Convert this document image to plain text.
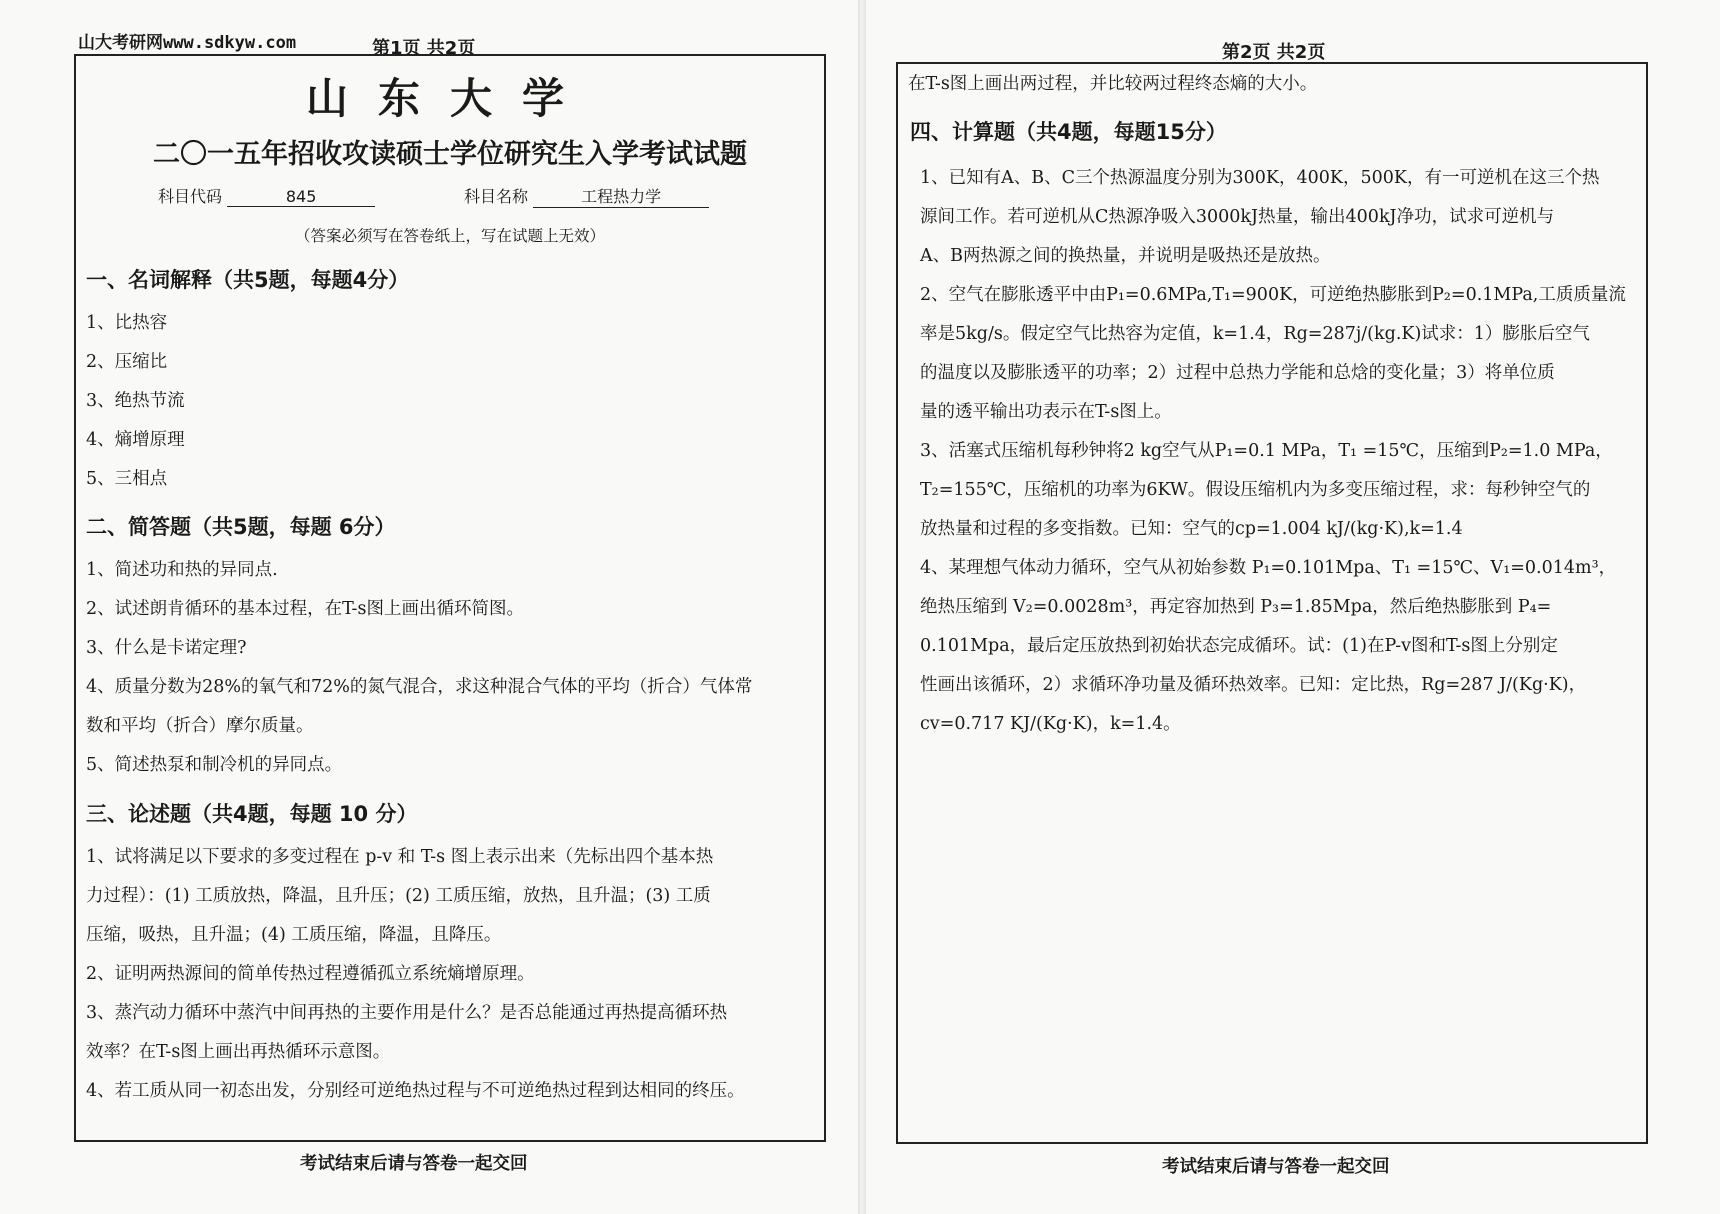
山大考研网www.sdkyw.com	第1页 共2页
山东大学
二〇一五年招收攻读硕士学位研究生入学考试试题
科目代码	845	科目名称	工程热力学
（答案必须写在答卷纸上，写在试题上无效）
一、名词解释（共5题，每题4分）
1、比热容
2、压缩比
3、绝热节流
4、熵增原理
5、三相点
二、简答题（共5题，每题 6分）
1、简述功和热的异同点.
2、试述朗肯循环的基本过程，在T-s图上画出循环简图。
3、什么是卡诺定理?
4、质量分数为28%的氧气和72%的氮气混合，求这种混合气体的平均（折合）气体常
数和平均（折合）摩尔质量。
5、简述热泵和制冷机的异同点。
三、论述题（共4题，每题 10 分）
1、试将满足以下要求的多变过程在 p-v 和 T-s 图上表示出来（先标出四个基本热
力过程）：(1) 工质放热，降温，且升压；(2) 工质压缩，放热，且升温；(3) 工质
压缩，吸热，且升温；(4) 工质压缩，降温，且降压。
2、证明两热源间的简单传热过程遵循孤立系统熵增原理。
3、蒸汽动力循环中蒸汽中间再热的主要作用是什么？是否总能通过再热提高循环热
效率？在T-s图上画出再热循环示意图。
4、若工质从同一初态出发，分别经可逆绝热过程与不可逆绝热过程到达相同的终压。
考试结束后请与答卷一起交回
第2页 共2页
在T-s图上画出两过程，并比较两过程终态熵的大小。
四、计算题（共4题，每题15分）
1、已知有A、B、C三个热源温度分别为300K，400K，500K，有一可逆机在这三个热
源间工作。若可逆机从C热源净吸入3000kJ热量，输出400kJ净功，试求可逆机与
A、B两热源之间的换热量，并说明是吸热还是放热。
2、空气在膨胀透平中由P₁=0.6MPa,T₁=900K，可逆绝热膨胀到P₂=0.1MPa,工质质量流
率是5kg/s。假定空气比热容为定值，k=1.4，Rg=287j/(kg.K)试求：1）膨胀后空气
的温度以及膨胀透平的功率；2）过程中总热力学能和总焓的变化量；3）将单位质
量的透平输出功表示在T-s图上。
3、活塞式压缩机每秒钟将2 kg空气从P₁=0.1 MPa，T₁ =15℃，压缩到P₂=1.0 MPa，
T₂=155℃，压缩机的功率为6KW。假设压缩机内为多变压缩过程，求：每秒钟空气的
放热量和过程的多变指数。已知：空气的cp=1.004 kJ/(kg·K),k=1.4
4、某理想气体动力循环，空气从初始参数 P₁=0.101Mpa、T₁ =15℃、V₁=0.014m³，
绝热压缩到 V₂=0.0028m³，再定容加热到 P₃=1.85Mpa，然后绝热膨胀到 P₄=
0.101Mpa，最后定压放热到初始状态完成循环。试：(1)在P-v图和T-s图上分别定
性画出该循环，2）求循环净功量及循环热效率。已知：定比热，Rg=287 J/(Kg·K)，
cv=0.717 KJ/(Kg·K)，k=1.4。
考试结束后请与答卷一起交回
